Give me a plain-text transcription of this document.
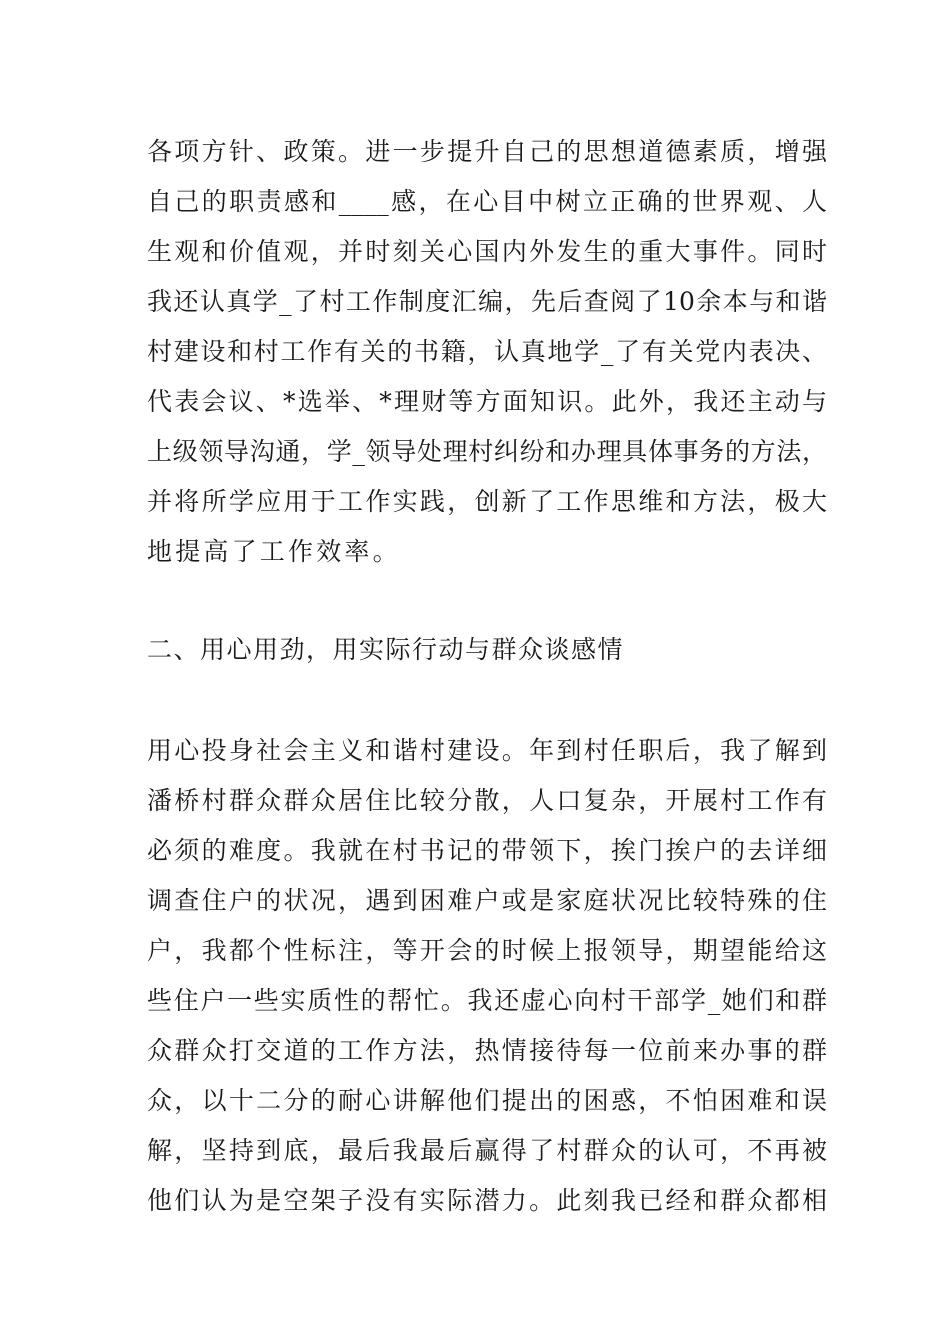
各项方针、政策。进一步提升自己的思想道德素质，增强
自己的职责感和____感，在心目中树立正确的世界观、人
生观和价值观，并时刻关心国内外发生的重大事件。同时
我还认真学_了村工作制度汇编，先后查阅了10余本与和谐
村建设和村工作有关的书籍，认真地学_了有关党内表决、
代表会议、*选举、*理财等方面知识。此外，我还主动与
上级领导沟通，学_领导处理村纠纷和办理具体事务的方法，
并将所学应用于工作实践，创新了工作思维和方法，极大
地提高了工作效率。
二、用心用劲，用实际行动与群众谈感情
用心投身社会主义和谐村建设。年到村任职后，我了解到
潘桥村群众群众居住比较分散，人口复杂，开展村工作有
必须的难度。我就在村书记的带领下，挨门挨户的去详细
调查住户的状况，遇到困难户或是家庭状况比较特殊的住
户，我都个性标注，等开会的时候上报领导，期望能给这
些住户一些实质性的帮忙。我还虚心向村干部学_她们和群
众群众打交道的工作方法，热情接待每一位前来办事的群
众，以十二分的耐心讲解他们提出的困惑，不怕困难和误
解，坚持到底，最后我最后赢得了村群众的认可，不再被
他们认为是空架子没有实际潜力。此刻我已经和群众都相
